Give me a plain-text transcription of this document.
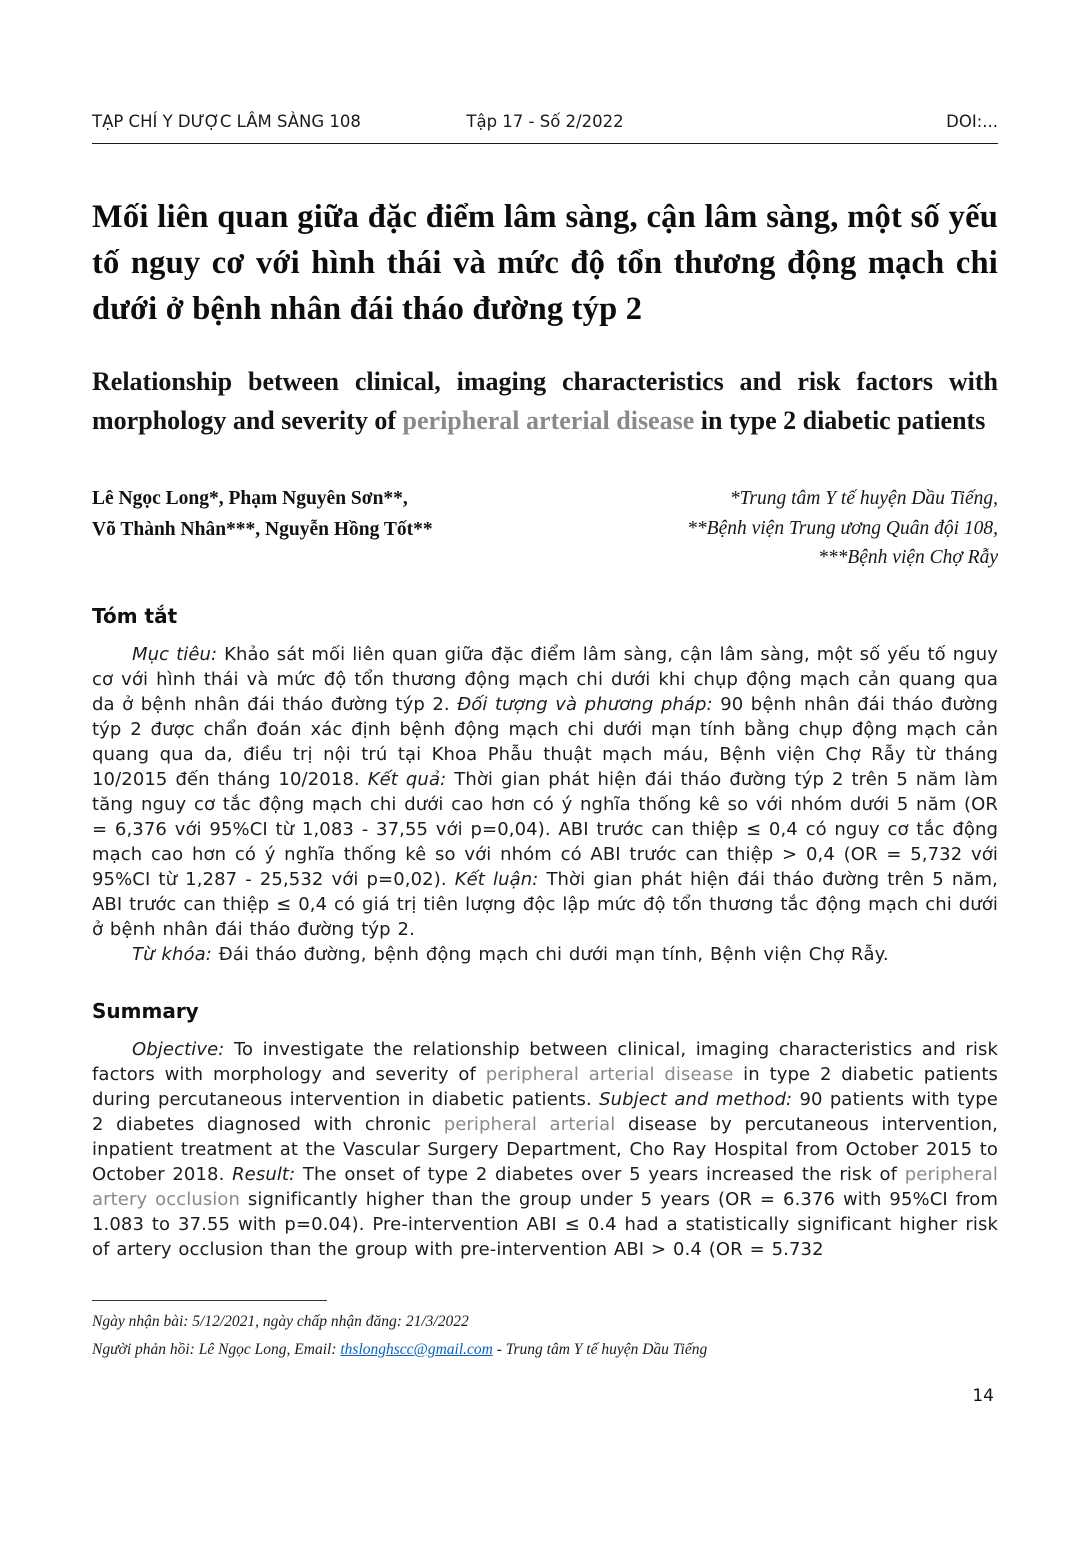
TẠP CHÍ Y DƯỢC LÂM SÀNG 108	Tập 17 - Số 2/2022	DOI:...
Mối liên quan giữa đặc điểm lâm sàng, cận lâm sàng, một số yếu tố nguy cơ với hình thái và mức độ tổn thương động mạch chi dưới ở bệnh nhân đái tháo đường týp 2
Relationship between clinical, imaging characteristics and risk factors with morphology and severity of peripheral arterial disease in type 2 diabetic patients
Lê Ngọc Long*, Phạm Nguyên Sơn**,
Võ Thành Nhân***, Nguyễn Hồng Tốt**
*Trung tâm Y tế huyện Dầu Tiếng,
**Bệnh viện Trung ương Quân đội 108,
***Bệnh viện Chợ Rẫy
Tóm tắt

Mục tiêu: Khảo sát mối liên quan giữa đặc điểm lâm sàng, cận lâm sàng, một số yếu tố nguy cơ với hình thái và mức độ tổn thương động mạch chi dưới khi chụp động mạch cản quang qua da ở bệnh nhân đái tháo đường týp 2. Đối tượng và phương pháp: 90 bệnh nhân đái tháo đường týp 2 được chẩn đoán xác định bệnh động mạch chi dưới mạn tính bằng chụp động mạch cản quang qua da, điều trị nội trú tại Khoa Phẫu thuật mạch máu, Bệnh viện Chợ Rẫy từ tháng 10/2015 đến tháng 10/2018. Kết quả: Thời gian phát hiện đái tháo đường týp 2 trên 5 năm làm tăng nguy cơ tắc động mạch chi dưới cao hơn có ý nghĩa thống kê so với nhóm dưới 5 năm (OR = 6,376 với 95%CI từ 1,083 - 37,55 với p=0,04). ABI trước can thiệp ≤ 0,4 có nguy cơ tắc động mạch cao hơn có ý nghĩa thống kê so với nhóm có ABI trước can thiệp > 0,4 (OR = 5,732 với 95%CI từ 1,287 - 25,532 với p=0,02). Kết luận: Thời gian phát hiện đái tháo đường trên 5 năm, ABI trước can thiệp ≤ 0,4 có giá trị tiên lượng độc lập mức độ tổn thương tắc động mạch chi dưới ở bệnh nhân đái tháo đường týp 2.

Từ khóa: Đái tháo đường, bệnh động mạch chi dưới mạn tính, Bệnh viện Chợ Rẫy.

Summary

Objective: To investigate the relationship between clinical, imaging characteristics and risk factors with morphology and severity of peripheral arterial disease in type 2 diabetic patients during percutaneous intervention in diabetic patients. Subject and method: 90 patients with type 2 diabetes diagnosed with chronic peripheral arterial disease by percutaneous intervention, inpatient treatment at the Vascular Surgery Department, Cho Ray Hospital from October 2015 to October 2018. Result: The onset of type 2 diabetes over 5 years increased the risk of peripheral artery occlusion significantly higher than the group under 5 years (OR = 6.376 with 95%CI from 1.083 to 37.55 with p=0.04). Pre-intervention ABI ≤ 0.4 had a statistically significant higher risk of artery occlusion than the group with pre-intervention ABI > 0.4 (OR = 5.732

Ngày nhận bài: 5/12/2021, ngày chấp nhận đăng: 21/3/2022
Người phản hồi: Lê Ngọc Long, Email: thslonghscc@gmail.com - Trung tâm Y tế huyện Dầu Tiếng
14
